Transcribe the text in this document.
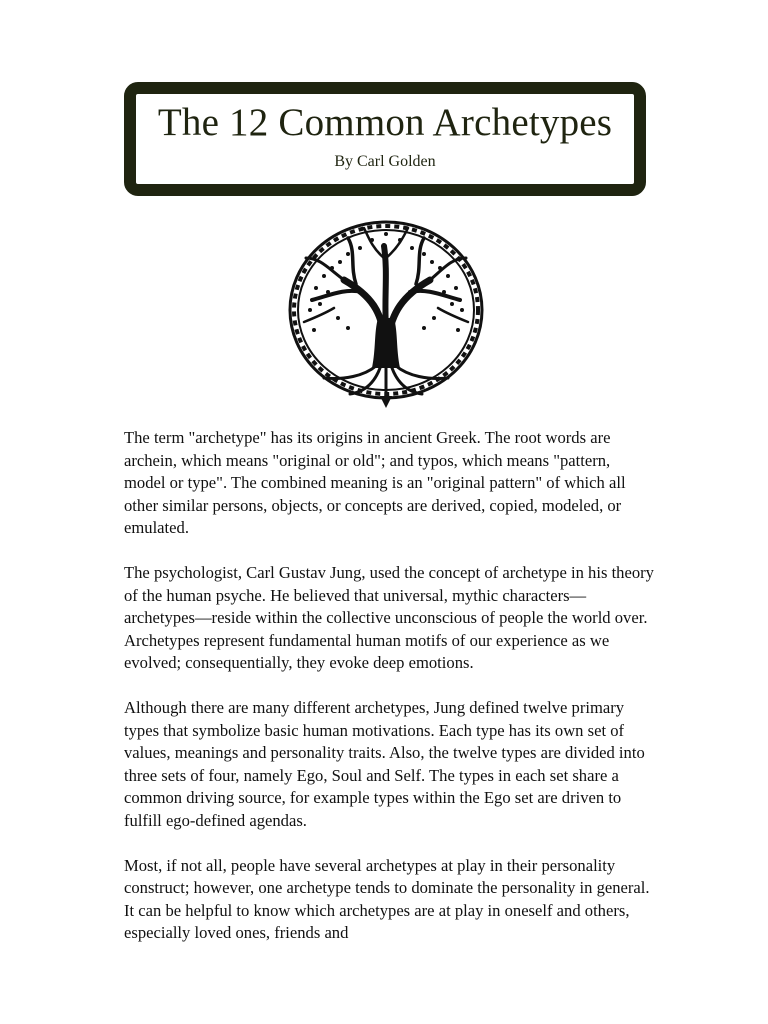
The 12 Common Archetypes

By Carl Golden

The term "archetype" has its origins in ancient Greek. The root words are archein, which means "original or old"; and typos, which means "pattern, model or type". The combined meaning is an "original pattern" of which all other similar persons, objects, or concepts are derived, copied, modeled, or emulated.

The psychologist, Carl Gustav Jung, used the concept of archetype in his theory of the human psyche. He believed that universal, mythic characters—archetypes—reside within the collective unconscious of people the world over. Archetypes represent fundamental human motifs of our experience as we evolved; consequentially, they evoke deep emotions.

Although there are many different archetypes, Jung defined twelve primary types that symbolize basic human motivations. Each type has its own set of values, meanings and personality traits. Also, the twelve types are divided into three sets of four, namely Ego, Soul and Self. The types in each set share a common driving source, for example types within the Ego set are driven to fulfill ego-defined agendas.

Most, if not all, people have several archetypes at play in their personality construct; however, one archetype tends to dominate the personality in general. It can be helpful to know which archetypes are at play in oneself and others, especially loved ones, friends and
